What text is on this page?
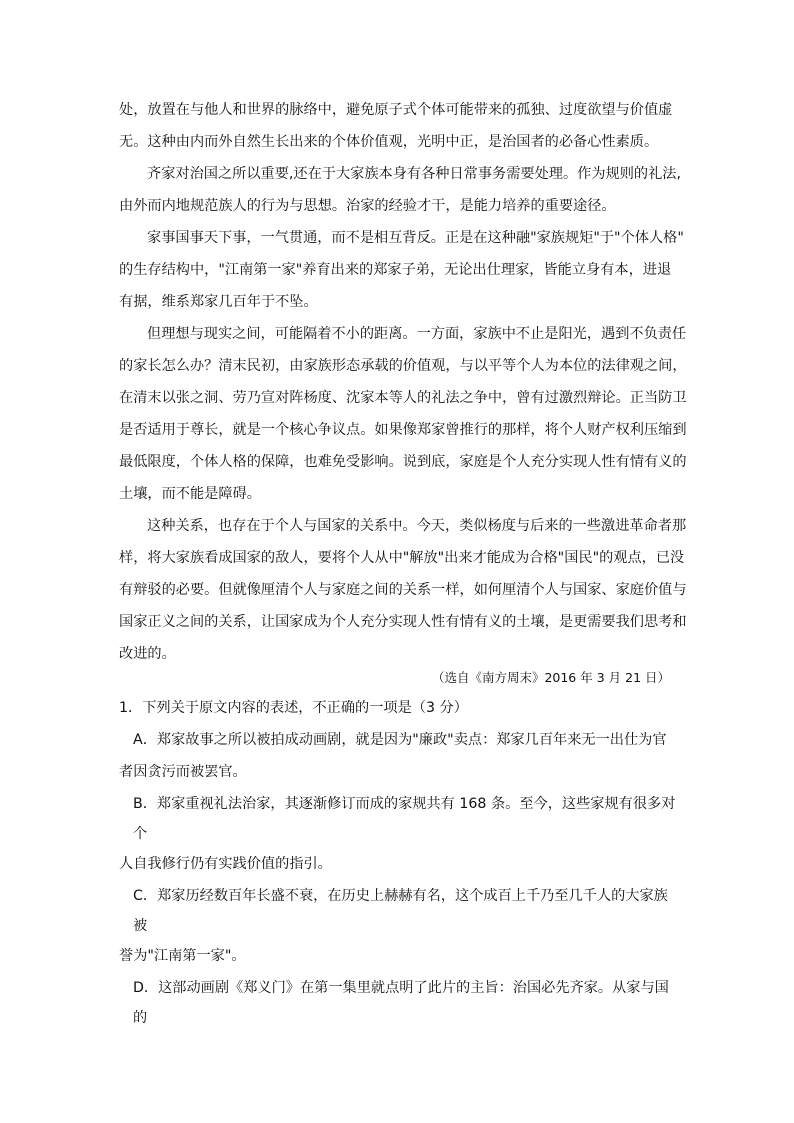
处，放置在与他人和世界的脉络中，避免原子式个体可能带来的孤独、过度欲望与价值虚
无。这种由内而外自然生长出来的个体价值观，光明中正，是治国者的必备心性素质。
齐家对治国之所以重要,还在于大家族本身有各种日常事务需要处理。作为规则的礼法,
由外而内地规范族人的行为与思想。治家的经验才干，是能力培养的重要途径。
家事国事天下事，一气贯通，而不是相互背反。正是在这种融"家族规矩"于"个体人格"
的生存结构中，"江南第一家"养育出来的郑家子弟，无论出仕理家，皆能立身有本，进退
有据，维系郑家几百年于不坠。
但理想与现实之间，可能隔着不小的距离。一方面，家族中不止是阳光，遇到不负责任
的家长怎么办？清末民初，由家族形态承载的价值观，与以平等个人为本位的法律观之间，
在清末以张之洞、劳乃宣对阵杨度、沈家本等人的礼法之争中，曾有过激烈辩论。正当防卫
是否适用于尊长，就是一个核心争议点。如果像郑家曾推行的那样，将个人财产权利压缩到
最低限度，个体人格的保障，也难免受影响。说到底，家庭是个人充分实现人性有情有义的
土壤，而不能是障碍。
这种关系，也存在于个人与国家的关系中。今天，类似杨度与后来的一些激进革命者那
样，将大家族看成国家的敌人，要将个人从中"解放"出来才能成为合格"国民"的观点，已没
有辩驳的必要。但就像厘清个人与家庭之间的关系一样，如何厘清个人与国家、家庭价值与
国家正义之间的关系，让国家成为个人充分实现人性有情有义的土壤，是更需要我们思考和
改进的。
（选自《南方周末》2016 年 3 月 21 日）
1．下列关于原文内容的表述，不正确的一项是（3 分）
A．郑家故事之所以被拍成动画剧，就是因为"廉政"卖点：郑家几百年来无一出仕为官
者因贪污而被罢官。
B．郑家重视礼法治家，其逐渐修订而成的家规共有 168 条。至今，这些家规有很多对
个
人自我修行仍有实践价值的指引。
C．郑家历经数百年长盛不衰，在历史上赫赫有名，这个成百上千乃至几千人的大家族
被
誉为"江南第一家"。
D．这部动画剧《郑义门》在第一集里就点明了此片的主旨：治国必先齐家。从家与国
的
